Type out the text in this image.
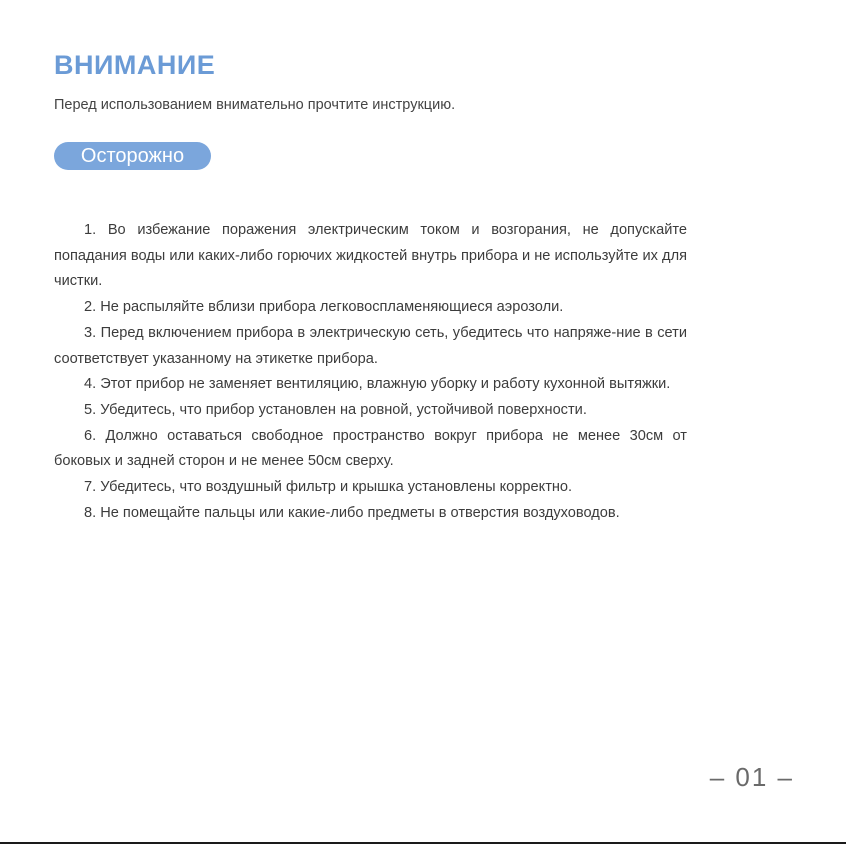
ВНИМАНИЕ

Перед использованием внимательно прочтите инструкцию.

Осторожно

1. Во избежание поражения электрическим током и возгорания, не допускайте попадания воды или каких-либо горючих жидкостей внутрь прибора и не используйте их для чистки.

2. Не распыляйте вблизи прибора легковоспламеняющиеся аэрозоли.

3. Перед включением прибора в электрическую сеть, убедитесь что напряже-ние в сети соответствует указанному на этикетке прибора.

4. Этот прибор не заменяет вентиляцию, влажную уборку и работу кухонной вытяжки.

5. Убедитесь, что прибор установлен на ровной, устойчивой поверхности.

6. Должно оставаться свободное пространство вокруг прибора не менее 30см от боковых и задней сторон и не менее 50см сверху.

7. Убедитесь, что воздушный фильтр и крышка установлены корректно.

8. Не помещайте пальцы или какие-либо предметы в отверстия воздуховодов.

– 01 –
